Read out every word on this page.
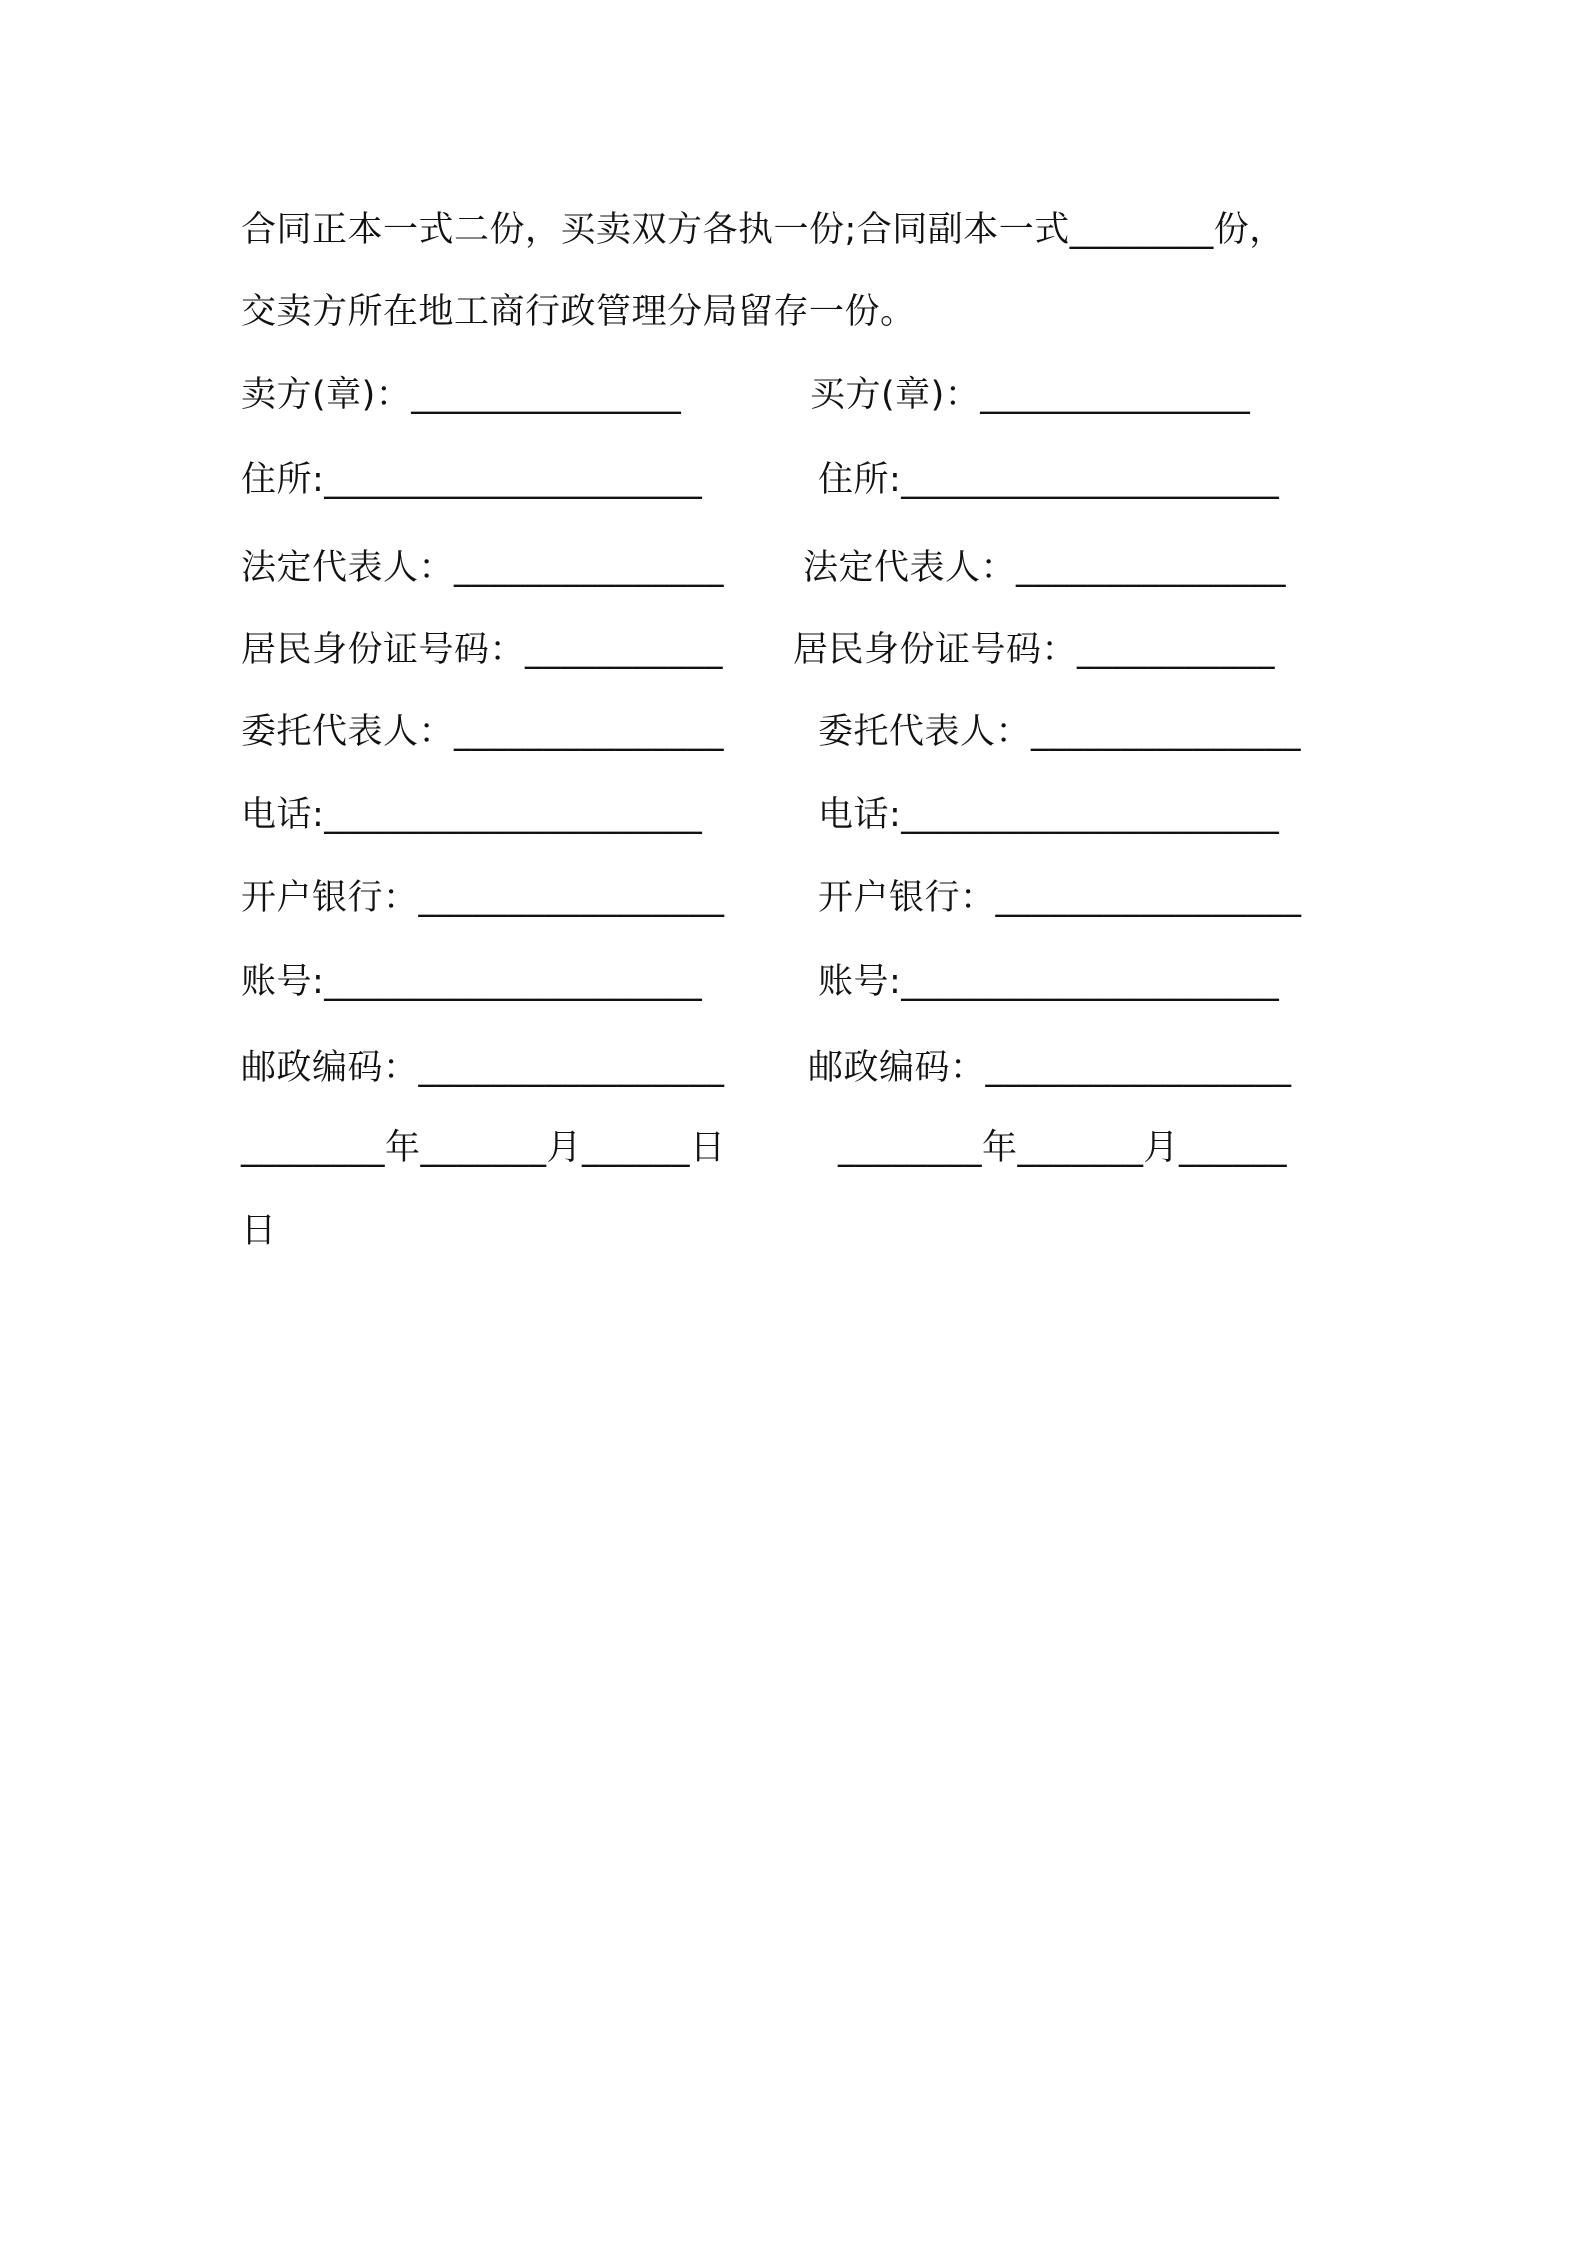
合同正本一式二份，买卖双方各执一份;合同副本一式________份，
交卖方所在地工商行政管理分局留存一份。
卖方(章)：_______________	买方(章)：_______________
住所:_____________________	住所:_____________________
法定代表人：_______________ 法定代表人：_______________
居民身份证号码：___________ 居民身份证号码：___________
委托代表人：_______________	委托代表人：_______________
电话:_____________________	电话:_____________________
开户银行：_________________	开户银行：_________________
账号:_____________________	账号:_____________________
邮政编码：_________________ 邮政编码：_________________
________年_______月______日	________年_______月______
日
